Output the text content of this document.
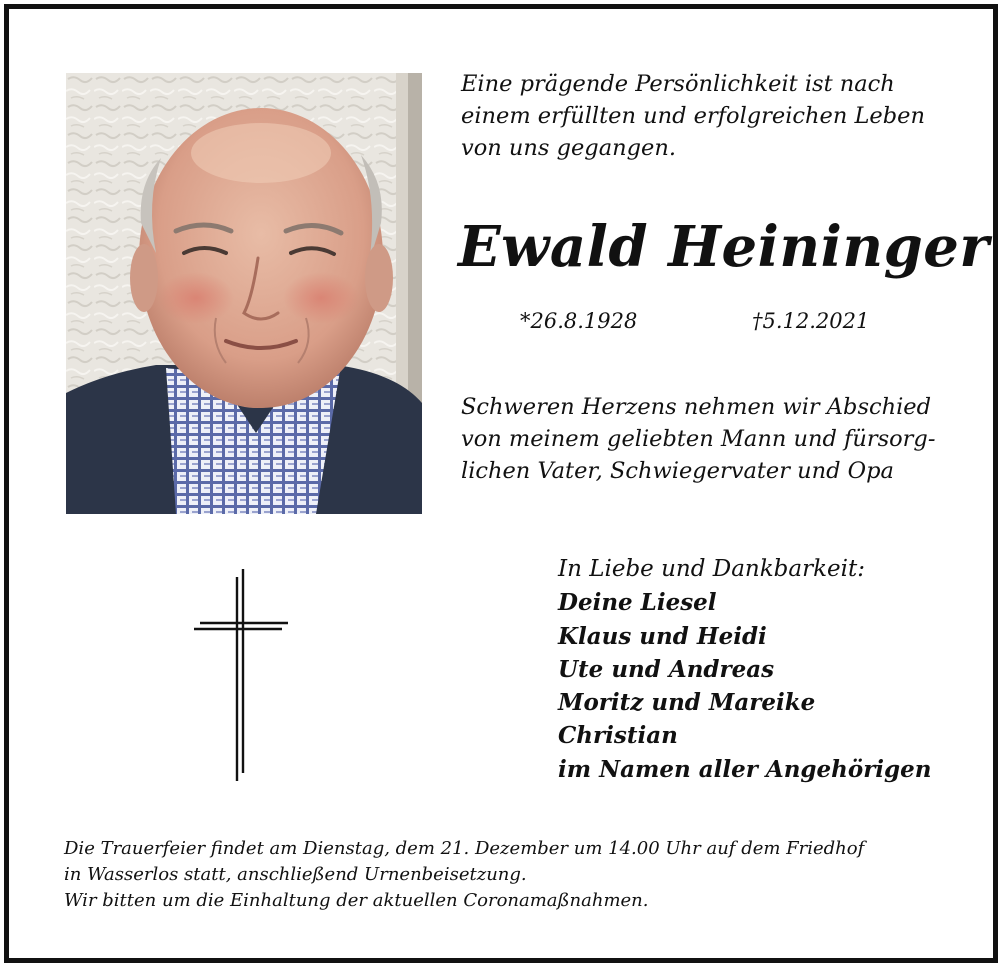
Eine prägende Persönlichkeit ist nach
einem erfüllten und erfolgreichen Leben
von uns gegangen.
Ewald Heininger
*26.8.1928	†5.12.2021
Schweren Herzens nehmen wir Abschied
von meinem geliebten Mann und fürsorg-
lichen Vater, Schwiegervater und Opa
In Liebe und Dankbarkeit:
Deine Liesel
Klaus und Heidi
Ute und Andreas
Moritz und Mareike
Christian
im Namen aller Angehörigen
Die Trauerfeier findet am Dienstag, dem 21. Dezember um 14.00 Uhr auf dem Friedhof
in Wasserlos statt, anschließend Urnenbeisetzung.
Wir bitten um die Einhaltung der aktuellen Coronamaßnahmen.
